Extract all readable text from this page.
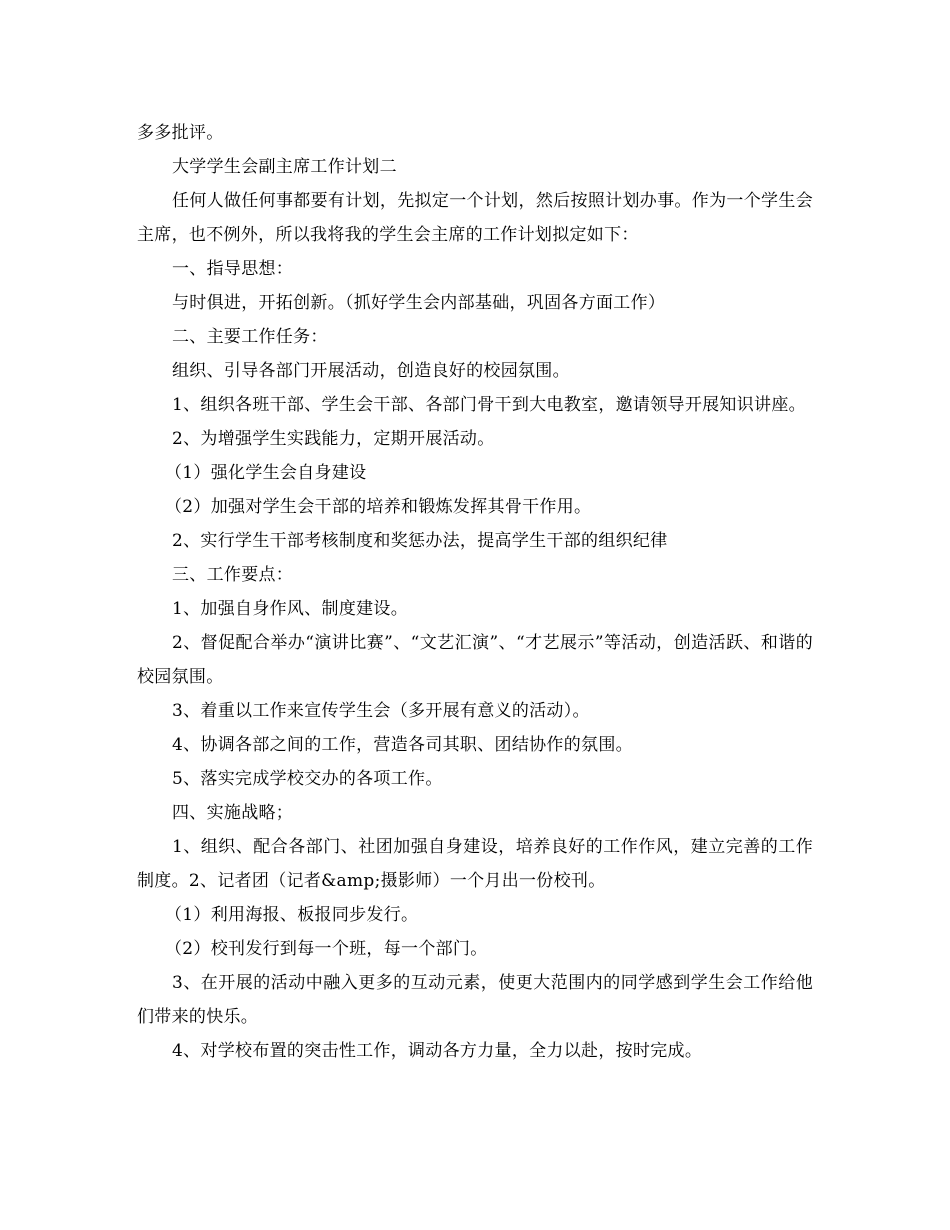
多多批评。

大学学生会副主席工作计划二

任何人做任何事都要有计划，先拟定一个计划，然后按照计划办事。作为一个学生会主席，也不例外，所以我将我的学生会主席的工作计划拟定如下：

一、指导思想：

与时俱进，开拓创新。（抓好学生会内部基础，巩固各方面工作）

二、主要工作任务：

组织、引导各部门开展活动，创造良好的校园氛围。

1、组织各班干部、学生会干部、各部门骨干到大电教室，邀请领导开展知识讲座。

2、为增强学生实践能力，定期开展活动。

（1）强化学生会自身建设

（2）加强对学生会干部的培养和锻炼发挥其骨干作用。

2、实行学生干部考核制度和奖惩办法，提高学生干部的组织纪律

三、工作要点：

1、加强自身作风、制度建设。

2、督促配合举办“演讲比赛”、“文艺汇演”、“才艺展示”等活动，创造活跃、和谐的校园氛围。

3、着重以工作来宣传学生会（多开展有意义的活动）。

4、协调各部之间的工作，营造各司其职、团结协作的氛围。

5、落实完成学校交办的各项工作。

四、实施战略；

1、组织、配合各部门、社团加强自身建设，培养良好的工作作风，建立完善的工作制度。2、记者团（记者&amp;摄影师）一个月出一份校刊。

（1）利用海报、板报同步发行。

（2）校刊发行到每一个班，每一个部门。

3、在开展的活动中融入更多的互动元素，使更大范围内的同学感到学生会工作给他们带来的快乐。

4、对学校布置的突击性工作，调动各方力量，全力以赴，按时完成。
